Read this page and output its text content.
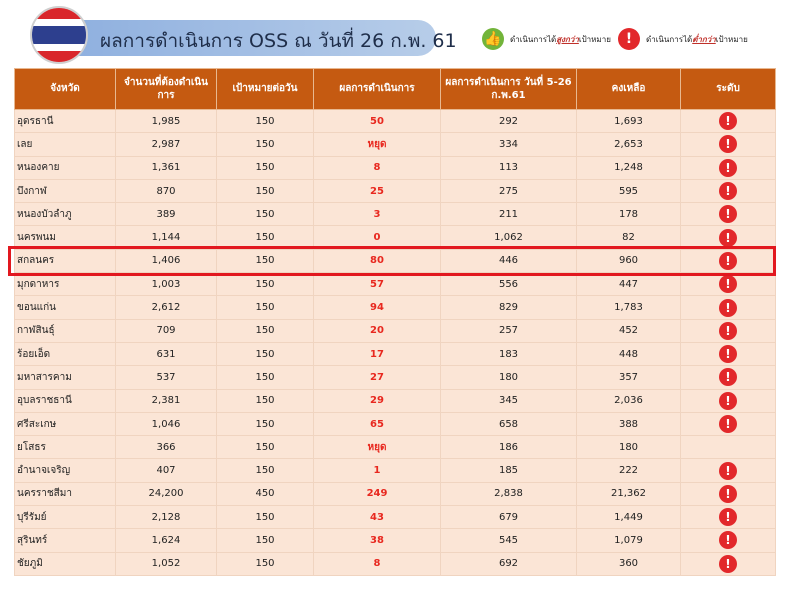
ผลการดำเนินการ OSS ณ วันที่ 26 ก.พ. 61 👍 ดำเนินการได้สูงกว่าเป้าหมาย	!	ดำเนินการได้ต่ำกว่าเป้าหมาย
จังหวัด	จำนวนที่ต้องดำเนินการ	เป้าหมายต่อวัน	ผลการดำเนินการ	ผลการดำเนินการ วันที่ 5-26 ก.พ.61	คงเหลือ	ระดับ
อุดรธานี	1,985	150	50	292	1,693	!
เลย	2,987	150	หยุด	334	2,653	!
หนองคาย	1,361	150	8	113	1,248	!
บึงกาฬ	870	150	25	275	595	!
หนองบัวลำภู	389	150	3	211	178	!
นครพนม	1,144	150	0	1,062	82	!
สกลนคร	1,406	150	80	446	960	!
มุกดาหาร	1,003	150	57	556	447	!
ขอนแก่น	2,612	150	94	829	1,783	!
กาฬสินธุ์	709	150	20	257	452	!
ร้อยเอ็ด	631	150	17	183	448	!
มหาสารคาม	537	150	27	180	357	!
อุบลราชธานี	2,381	150	29	345	2,036	!
ศรีสะเกษ	1,046	150	65	658	388	!
ยโสธร	366	150	หยุด	186	180	
อำนาจเจริญ	407	150	1	185	222	!
นครราชสีมา	24,200	450	249	2,838	21,362	!
บุรีรัมย์	2,128	150	43	679	1,449	!
สุรินทร์	1,624	150	38	545	1,079	!
ชัยภูมิ	1,052	150	8	692	360	!
